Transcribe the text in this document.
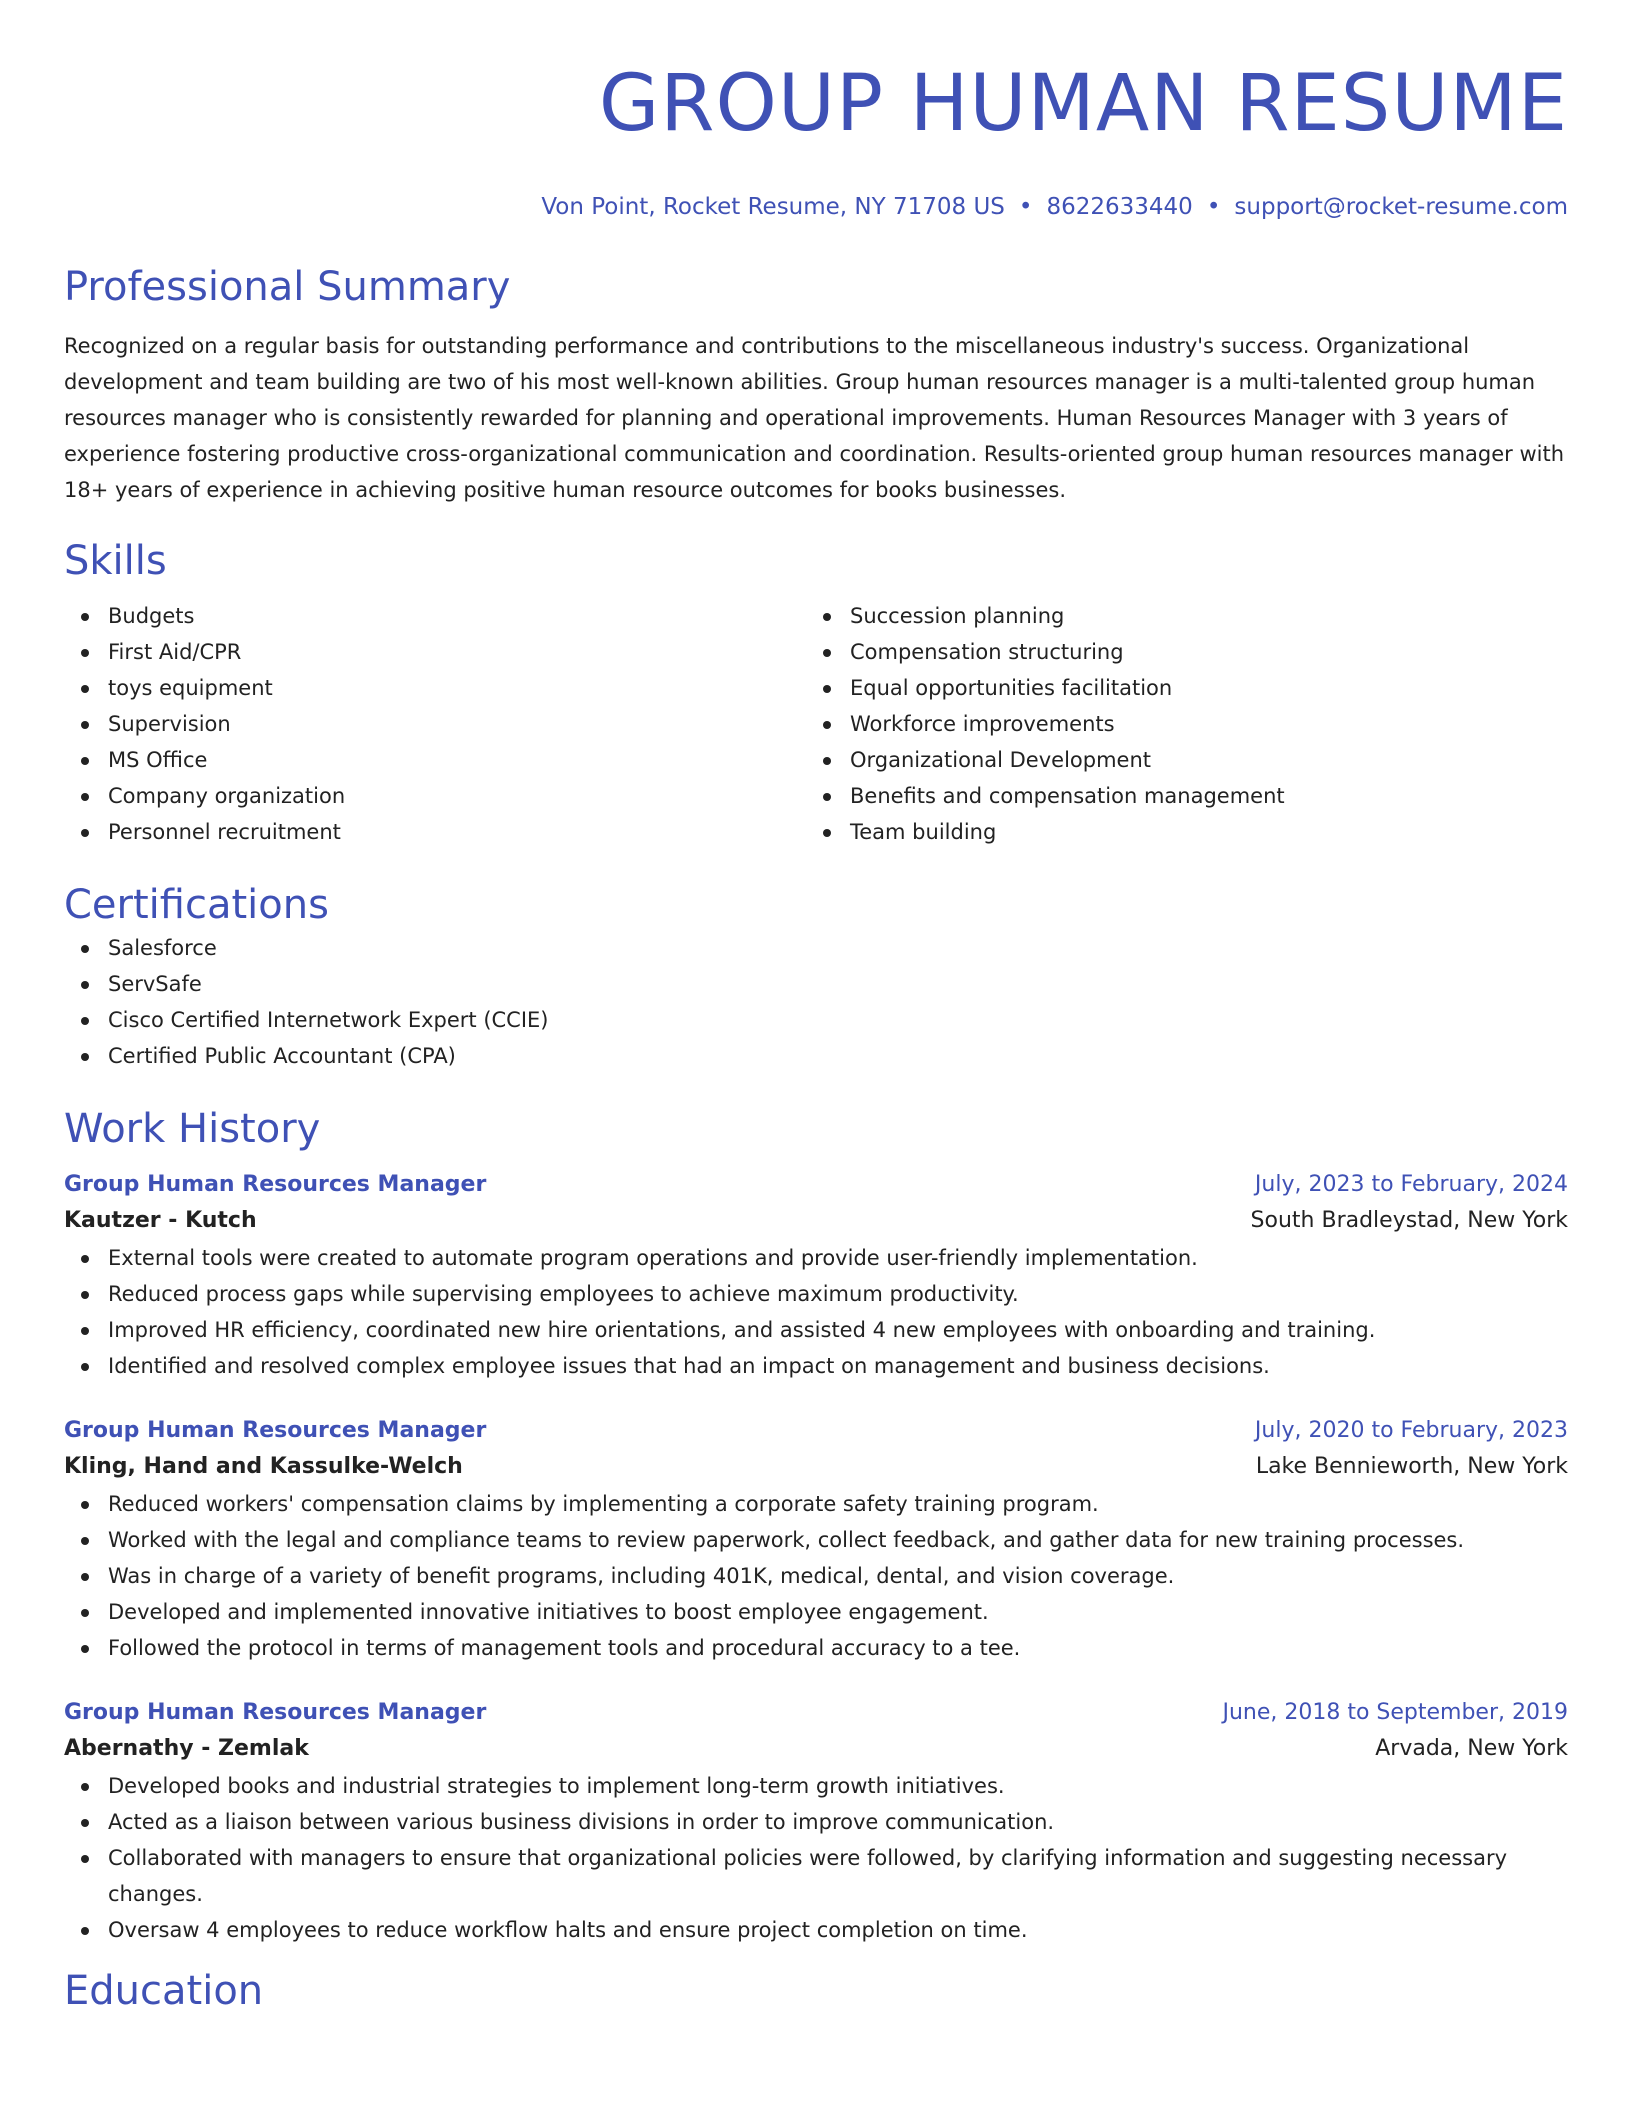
GROUP HUMAN RESUME
Von Point, Rocket Resume, NY 71708 US • 8622633440 • support@rocket-resume.com
Professional Summary
Recognized on a regular basis for outstanding performance and contributions to the miscellaneous industry's success. Organizational development and team building are two of his most well-known abilities. Group human resources manager is a multi-talented group human resources manager who is consistently rewarded for planning and operational improvements. Human Resources Manager with 3 years of experience fostering productive cross-organizational communication and coordination. Results-oriented group human resources manager with 18+ years of experience in achieving positive human resource outcomes for books businesses.
Skills
Budgets
First Aid/CPR
toys equipment
Supervision
MS Office
Company organization
Personnel recruitment
Succession planning
Compensation structuring
Equal opportunities facilitation
Workforce improvements
Organizational Development
Benefits and compensation management
Team building
Certifications
Salesforce
ServSafe
Cisco Certified Internetwork Expert (CCIE)
Certified Public Accountant (CPA)
Work History
Group Human Resources Manager	July, 2023 to February, 2024
Kautzer - Kutch	South Bradleystad, New York
External tools were created to automate program operations and provide user-friendly implementation.
Reduced process gaps while supervising employees to achieve maximum productivity.
Improved HR efficiency, coordinated new hire orientations, and assisted 4 new employees with onboarding and training.
Identified and resolved complex employee issues that had an impact on management and business decisions.
Group Human Resources Manager	July, 2020 to February, 2023
Kling, Hand and Kassulke-Welch	Lake Bennieworth, New York
Reduced workers' compensation claims by implementing a corporate safety training program.
Worked with the legal and compliance teams to review paperwork, collect feedback, and gather data for new training processes.
Was in charge of a variety of benefit programs, including 401K, medical, dental, and vision coverage.
Developed and implemented innovative initiatives to boost employee engagement.
Followed the protocol in terms of management tools and procedural accuracy to a tee.
Group Human Resources Manager	June, 2018 to September, 2019
Abernathy - Zemlak	Arvada, New York
Developed books and industrial strategies to implement long-term growth initiatives.
Acted as a liaison between various business divisions in order to improve communication.
Collaborated with managers to ensure that organizational policies were followed, by clarifying information and suggesting necessary changes.
Oversaw 4 employees to reduce workflow halts and ensure project completion on time.
Education
